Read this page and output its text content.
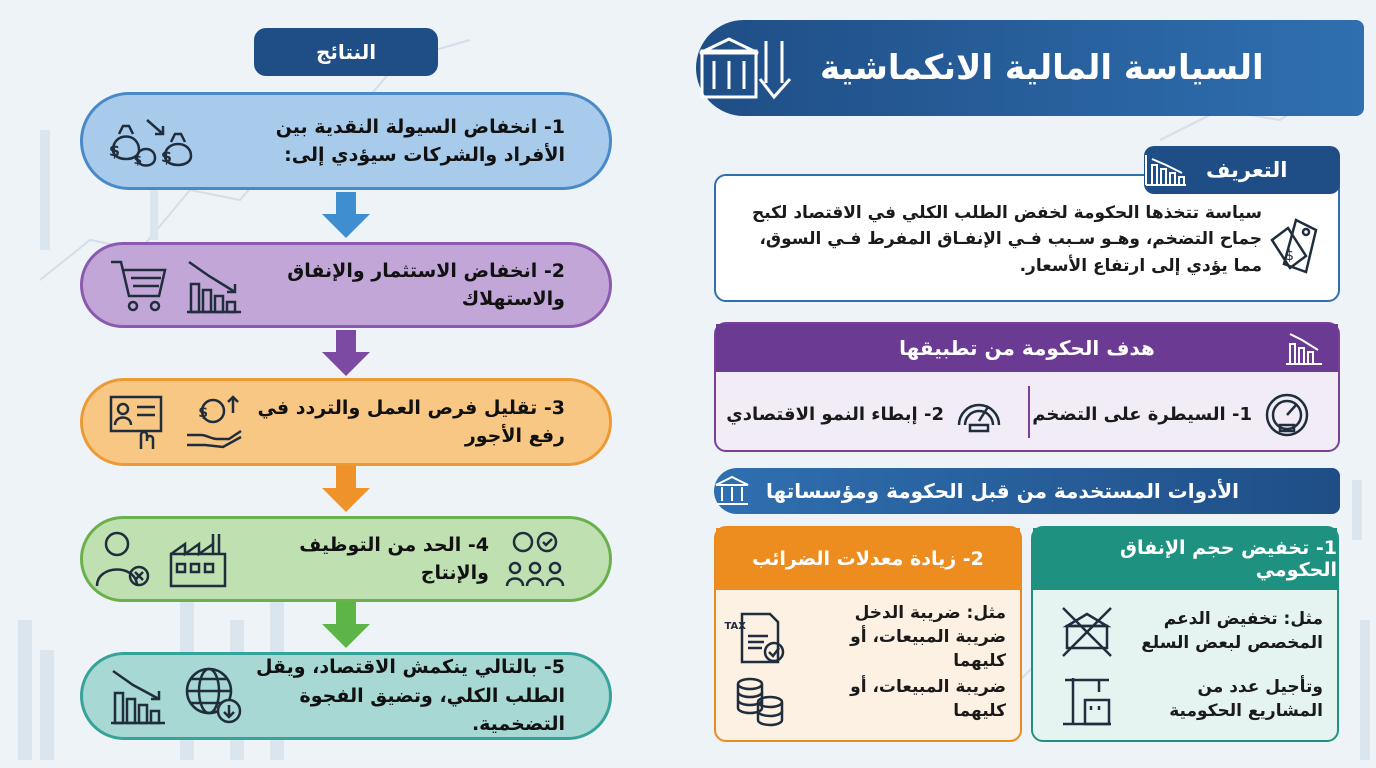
السياسة المالية الانكماشية
التعريف
سياسة تتخذها الحكومة لخفض الطلب الكلي في الاقتصاد لكبح جماح التضخم، وهـو سـبب فـي الإنفـاق المفرط فـي السوق، مما يؤدي إلى ارتفاع الأسعار. $
هدف الحكومة من تطبيقها
1- السيطرة على التضخم
2- إبطاء النمو الاقتصادي
الأدوات المستخدمة من قبل الحكومة ومؤسساتها
1- تخفيض حجم الإنفاق الحكومي
مثل: تخفيض الدعم المخصص لبعض السلع
وتأجيل عدد من المشاريع الحكومية
2- زيادة معدلات الضرائب
مثل: ضريبة الدخل ضريبة المبيعات، أو كليهما
TAX
ضريبة المبيعات، أو كليهما
النتائج
1- انخفاض السيولة النقدية بين الأفراد والشركات سيؤدي إلى:
$ $ $
2- انخفاض الاستثمار والإنفاق والاستهلاك
3- تقليل فرص العمل والتردد في رفع الأجور
$
4- الحد من التوظيف والإنتاج
5- بالتالي ينكمش الاقتصاد، ويقل الطلب الكلي، وتضيق الفجوة التضخمية.
